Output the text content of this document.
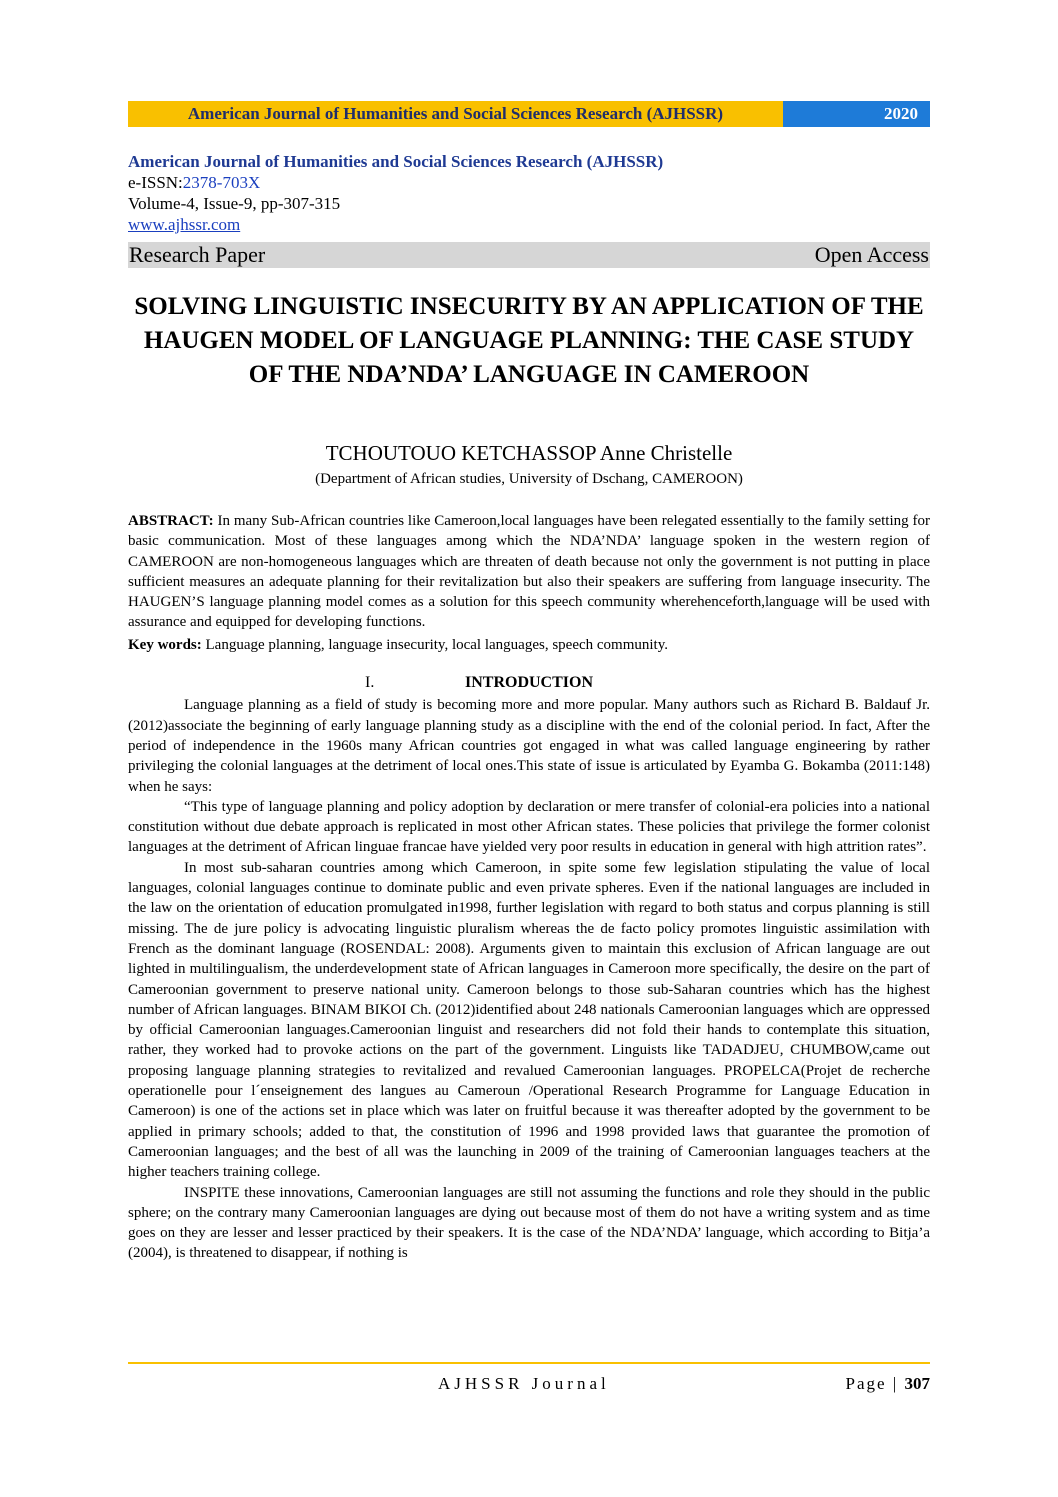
American Journal of Humanities and Social Sciences Research (AJHSSR)	2020
American Journal of Humanities and Social Sciences Research (AJHSSR)
e-ISSN:2378-703X
Volume-4, Issue-9, pp-307-315
www.ajhssr.com
Research Paper	Open Access
SOLVING LINGUISTIC INSECURITY BY AN APPLICATION OF THE HAUGEN MODEL OF LANGUAGE PLANNING: THE CASE STUDY OF THE NDA’NDA’ LANGUAGE IN CAMEROON
TCHOUTOUO KETCHASSOP Anne Christelle
(Department of African studies, University of Dschang, CAMEROON)

ABSTRACT: In many Sub-African countries like Cameroon,local languages have been relegated essentially to the family setting for basic communication. Most of these languages among which the NDA’NDA’ language spoken in the western region of CAMEROON are non-homogeneous languages which are threaten of death because not only the government is not putting in place sufficient measures an adequate planning for their revitalization but also their speakers are suffering from language insecurity. The HAUGEN’S language planning model comes as a solution for this speech community wherehenceforth,language will be used with assurance and equipped for developing functions.

Key words: Language planning, language insecurity, local languages, speech community.

I.	INTRODUCTION

Language planning as a field of study is becoming more and more popular. Many authors such as Richard B. Baldauf Jr. (2012)associate the beginning of early language planning study as a discipline with the end of the colonial period. In fact, After the period of independence in the 1960s many African countries got engaged in what was called language engineering by rather privileging the colonial languages at the detriment of local ones.This state of issue is articulated by Eyamba G. Bokamba (2011:148) when he says:

“This type of language planning and policy adoption by declaration or mere transfer of colonial-era policies into a national constitution without due debate approach is replicated in most other African states. These policies that privilege the former colonist languages at the detriment of African linguae francae have yielded very poor results in education in general with high attrition rates”.

In most sub-saharan countries among which Cameroon, in spite some few legislation stipulating the value of local languages, colonial languages continue to dominate public and even private spheres. Even if the national languages are included in the law on the orientation of education promulgated in1998, further legislation with regard to both status and corpus planning is still missing. The de jure policy is advocating linguistic pluralism whereas the de facto policy promotes linguistic assimilation with French as the dominant language (ROSENDAL: 2008). Arguments given to maintain this exclusion of African language are out lighted in multilingualism, the underdevelopment state of African languages in Cameroon more specifically, the desire on the part of Cameroonian government to preserve national unity. Cameroon belongs to those sub-Saharan countries which has the highest number of African languages. BINAM BIKOI Ch. (2012)identified about 248 nationals Cameroonian languages which are oppressed by official Cameroonian languages.Cameroonian linguist and researchers did not fold their hands to contemplate this situation, rather, they worked had to provoke actions on the part of the government. Linguists like TADADJEU, CHUMBOW,came out proposing language planning strategies to revitalized and revalued Cameroonian languages. PROPELCA(Projet de recherche operationelle pour l´enseignement des langues au Cameroun /Operational Research Programme for Language Education in Cameroon) is one of the actions set in place which was later on fruitful because it was thereafter adopted by the government to be applied in primary schools; added to that, the constitution of 1996 and 1998 provided laws that guarantee the promotion of Cameroonian languages; and the best of all was the launching in 2009 of the training of Cameroonian languages teachers at the higher teachers training college.

INSPITE these innovations, Cameroonian languages are still not assuming the functions and role they should in the public sphere; on the contrary many Cameroonian languages are dying out because most of them do not have a writing system and as time goes on they are lesser and lesser practiced by their speakers. It is the case of the NDA’NDA’ language, which according to Bitja’a (2004), is threatened to disappear, if nothing is

AJHSSR Journal	Page | 307
